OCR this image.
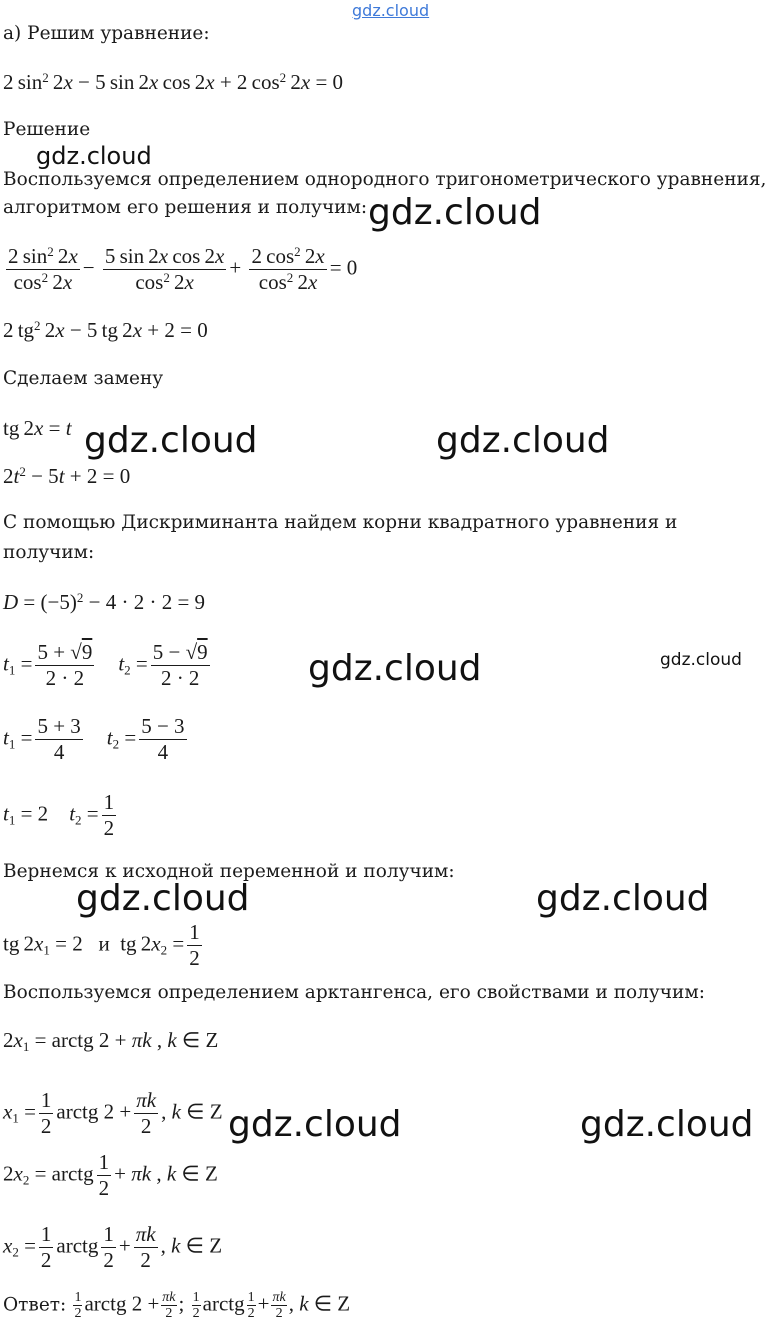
gdz.cloud
а) Решим уравнение:
2 $\sin^2 2x - 5$ sin 2x cos 2x + 2 $\cos^2 2x = 0$
Решение
gdz.cloud
Воспользуемся определением однородного тригонометрического уравнения,
алгоритмом его решения и получим: gdz.cloud
$\frac{2 \sin^2 2x}{\cos^2 2x} - \frac{\text{5 sin 2x cos 2x}}{\cos^2 2x} + \frac{2 \cos^2 2x}{\cos^2 2x} = 0$
2 $tg^2$ 2x − 5 tg 2x + 2 = 0
Сделаем замену
tg 2x = t gdz.cloud	gdz.cloud
$2t^2 - 5t + 2 = 0$
С помощью Дискриминанта найдем корни квадратного уравнения и
получим:
$D = (-5)^2 - 4 \cdot 2 \cdot 2 = 9$
$t_1 = \frac{5 + √9}{2 \cdot 2} t_2 = \frac{5 - √9}{2 \cdot 2}$	gdz.cloud	gdz.cloud
$t_1 = \frac{5 + 3}{4} t_2 = \frac{5 - 3}{4}$
$t_1 = 2$    $t_2 = \frac{1}{2}$
Вернемся к исходной переменной и получим:
gdz.cloud	gdz.cloud
tg $2x_1 = 2$   и  tg $2x_2 = \frac{1}{2}$
Воспользуемся определением арктангенса, его свойствами и получим:
$2x_1$ = arctg 2 + πk , k ∈ Z
$x_1 = \frac{1}{2}$ arctg $2 + \frac{\pi k}{2}$ , k ∈ Z gdz.cloud	gdz.cloud
$2x_2$ = arctg $\frac{1}{2} + \pi k$ , k ∈ Z
$x_2 = \frac{1}{2}$ arctg $\frac{1}{2} + \frac{\pi k}{2}$ , k ∈ Z
Ответ: $\frac{1}{2}$ arctg $2 + \frac{\pi k}{2}$ ; $\frac{1}{2}$ arctg $\frac{1}{2} + \frac{\pi k}{2}$ , k ∈ Z
